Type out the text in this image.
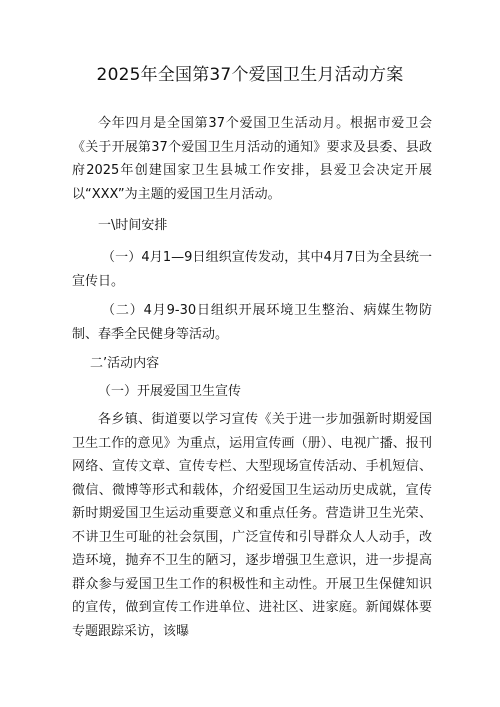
2025年全国第37个爱国卫生月活动方案

今年四月是全国第37个爱国卫生活动月。根据市爱卫会《关于开展第37个爱国卫生月活动的通知》要求及县委、县政府2025年创建国家卫生县城工作安排，县爱卫会决定开展以“XXX”为主题的爱国卫生月活动。

一\时间安排

（一）4月1—9日组织宣传发动，其中4月7日为全县统一宣传日。

（二）4月9-30日组织开展环境卫生整治、病媒生物防制、春季全民健身等活动。

二’活动内容
（一）开展爱国卫生宣传

各乡镇、街道要以学习宣传《关于进一步加强新时期爱国卫生工作的意见》为重点，运用宣传画（册）、电视广播、报刊网络、宣传文章、宣传专栏、大型现场宣传活动、手机短信、微信、微博等形式和载体，介绍爱国卫生运动历史成就，宣传新时期爱国卫生运动重要意义和重点任务。营造讲卫生光荣、不讲卫生可耻的社会氛围，广泛宣传和引导群众人人动手，改造环境，抛弃不卫生的陋习，逐步增强卫生意识，进一步提高群众参与爱国卫生工作的积极性和主动性。开展卫生保健知识的宣传，做到宣传工作进单位、进社区、进家庭。新闻媒体要专题跟踪采访，该曝
